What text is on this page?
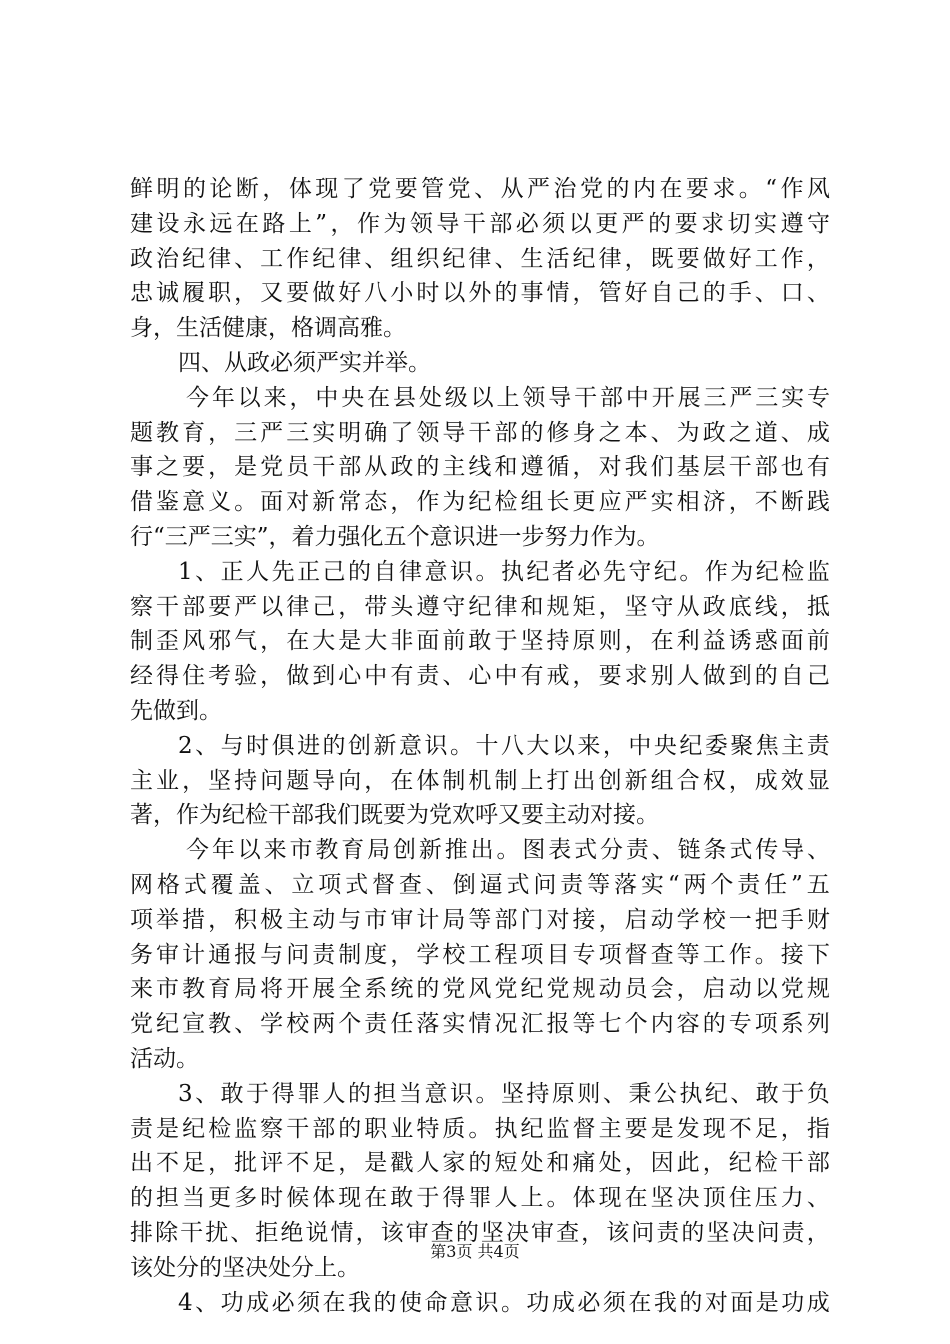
鲜 明 的 论 断 ， 体 现 了 党 要 管 党 、 从 严 治 党 的 内 在 要 求 。 “ 作 风
建 设 永 远 在 路 上 ” ， 作 为 领 导 干 部 必 须 以 更 严 的 要 求 切 实 遵 守
政 治 纪 律 、 工 作 纪 律 、 组 织 纪 律 、 生 活 纪 律 ， 既 要 做 好 工 作 ，
忠 诚 履 职 ， 又 要 做 好 八 小 时 以 外 的 事 情 ， 管 好 自 己 的 手 、 口 、
身，生活健康，格调高雅。
四、从政必须严实并举。
今 年 以 来 ， 中 央 在 县 处 级 以 上 领 导 干 部 中 开 展 三 严 三 实 专
题 教 育 ， 三 严 三 实 明 确 了 领 导 干 部 的 修 身 之 本 、 为 政 之 道 、 成
事 之 要 ， 是 党 员 干 部 从 政 的 主 线 和 遵 循 ， 对 我 们 基 层 干 部 也 有
借 鉴 意 义 。 面 对 新 常 态 ， 作 为 纪 检 组 长 更 应 严 实 相 济 ， 不 断 践
行“三严三实”，着力强化五个意识进一步努力作为。
1 、 正 人 先 正 己 的 自 律 意 识 。 执 纪 者 必 先 守 纪 。 作 为 纪 检 监
察 干 部 要 严 以 律 己 ， 带 头 遵 守 纪 律 和 规 矩 ， 坚 守 从 政 底 线 ， 抵
制 歪 风 邪 气 ， 在 大 是 大 非 面 前 敢 于 坚 持 原 则 ， 在 利 益 诱 惑 面 前
经 得 住 考 验 ， 做 到 心 中 有 责 、 心 中 有 戒 ， 要 求 别 人 做 到 的 自 己
先做到。
2 、 与 时 俱 进 的 创 新 意 识 。 十 八 大 以 来 ， 中 央 纪 委 聚 焦 主 责
主 业 ， 坚 持 问 题 导 向 ， 在 体 制 机 制 上 打 出 创 新 组 合 权 ， 成 效 显
著，作为纪检干部我们既要为党欢呼又要主动对接。
今 年 以 来 市 教 育 局 创 新 推 出 。 图 表 式 分 责 、 链 条 式 传 导 、
网 格 式 覆 盖 、 立 项 式 督 查 、 倒 逼 式 问 责 等 落 实 “ 两 个 责 任 ” 五
项 举 措 ， 积 极 主 动 与 市 审 计 局 等 部 门 对 接 ， 启 动 学 校 一 把 手 财
务 审 计 通 报 与 问 责 制 度 ， 学 校 工 程 项 目 专 项 督 查 等 工 作 。 接 下
来 市 教 育 局 将 开 展 全 系 统 的 党 风 党 纪 党 规 动 员 会 ， 启 动 以 党 规
党 纪 宣 教 、 学 校 两 个 责 任 落 实 情 况 汇 报 等 七 个 内 容 的 专 项 系 列
活动。
3 、 敢 于 得 罪 人 的 担 当 意 识 。 坚 持 原 则 、 秉 公 执 纪 、 敢 于 负
责 是 纪 检 监 察 干 部 的 职 业 特 质 。 执 纪 监 督 主 要 是 发 现 不 足 ， 指
出 不 足 ， 批 评 不 足 ， 是 戳 人 家 的 短 处 和 痛 处 ， 因 此 ， 纪 检 干 部
的 担 当 更 多 时 候 体 现 在 敢 于 得 罪 人 上 。 体 现 在 坚 决 顶 住 压 力 、
排 除 干 扰 、 拒 绝 说 情 ， 该 审 查 的 坚 决 审 查 ， 该 问 责 的 坚 决 问 责 ，
该处分的坚决处分上。
4 、 功 成 必 须 在 我 的 使 命 意 识 。 功 成 必 须 在 我 的 对 面 是 功 成
第3页 共4页
